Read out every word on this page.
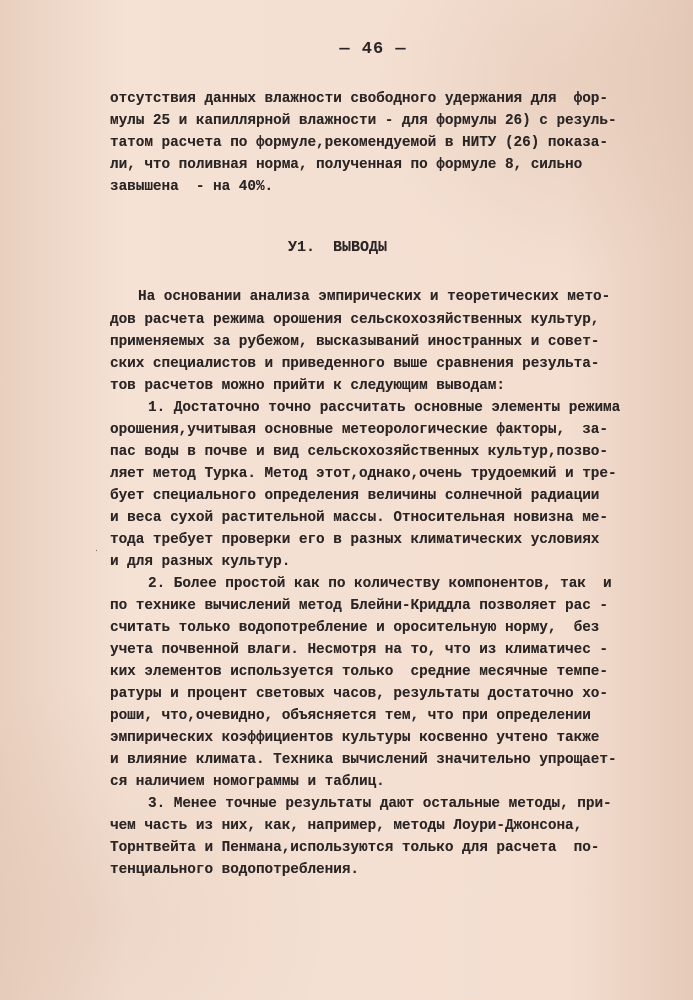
— 46 —
отсутствия данных влажности свободного удержания для  фор-
мулы 25 и капиллярной влажности - для формулы 26) с резуль-
татом расчета по формуле,рекомендуемой в НИТУ (26) показа-
ли, что поливная норма, полученная по формуле 8, сильно
завышена  - на 40%.
У1.  ВЫВОДЫ
На основании анализа эмпирических и теоретических мето-
дов расчета режима орошения сельскохозяйственных культур,
применяемых за рубежом, высказываний иностранных и совет-
ских специалистов и приведенного выше сравнения результа-
тов расчетов можно прийти к следующим выводам:
1. Достаточно точно рассчитать основные элементы режима
орошения,учитывая основные метеорологические факторы,  за-
пас воды в почве и вид сельскохозяйственных культур,позво-
ляет метод Турка. Метод этот,однако,очень трудоемкий и тре-
бует специального определения величины солнечной радиации
и веса сухой растительной массы. Относительная новизна ме-
тода требует проверки его в разных климатических условиях
и для разных культур.
2. Более простой как по количеству компонентов, так  и
по технике вычислений метод Блейни-Криддла позволяет рас -
считать только водопотребление и оросительную норму,  без
учета почвенной влаги. Несмотря на то, что из климатичес -
ких элементов используется только  средние месячные темпе-
ратуры и процент световых часов, результаты достаточно хо-
роши, что,очевидно, объясняется тем, что при определении
эмпирических коэффициентов культуры косвенно учтено также
и влияние климата. Техника вычислений значительно упрощает-
ся наличием номограммы и таблиц.
3. Менее точные результаты дают остальные методы, при-
чем часть из них, как, например, методы Лоури-Джонсона,
Торнтвейта и Пенмана,используются только для расчета  по-
тенциального водопотребления.
